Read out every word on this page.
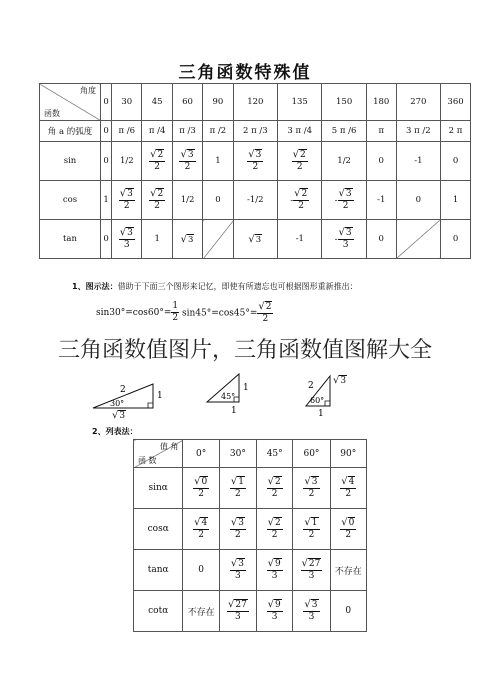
三角函数特殊值
角度
函数	0	30	45	60	90	120	135	150	180	270	360
角 a 的弧度	0	π /6	π /4	π /3	π /2	2 π /3	3 π /4	5 π /6	π	3 π /2	2 π
sin	0	1/2	$\frac{√2}{2}$	$\frac{√3}{2}$	1	$\frac{√3}{2}$	$\frac{√2}{2}$	1/2	0	-1	0
cos	1	$\frac{√3}{2}$	$\frac{√2}{2}$	1/2	0	-1/2	- $\frac{√2}{2}$	- $\frac{√3}{2}$	-1	0	1
tan	0	$\frac{√3}{3}$	1	√3		√3	-1	- $\frac{√3}{3}$	0		0
1、图示法：借助于下面三个图形来记忆，即使有所遗忘也可根据图形重新推出：
$\sin 30^\circ=\cos 60^\circ= \frac{1}{2} \sin 45^\circ=\cos 45^\circ= \frac{√2}{2}$
2
1
30°
√3
1
45°
1
2
60°
1
√3
三角函数值图片，三角函数值图解大全
2、列表法：
值 角
函 数	0°	30°	45°	60°	90°
sinα	$\frac{√0}{2}$	$\frac{√1}{2}$	$\frac{√2}{2}$	$\frac{√3}{2}$	$\frac{√4}{2}$

cosα	$\frac{√4}{2}$	$\frac{√3}{2}$	$\frac{√2}{2}$	$\frac{√1}{2}$	$\frac{√0}{2}$

tanα	0	$\frac{√3}{3}$	$\frac{√9}{3}$	$\frac{√27}{3}$	不存在
cotα	不存在	$\frac{√27}{3}$	$\frac{√9}{3}$	$\frac{√3}{3}$	0
